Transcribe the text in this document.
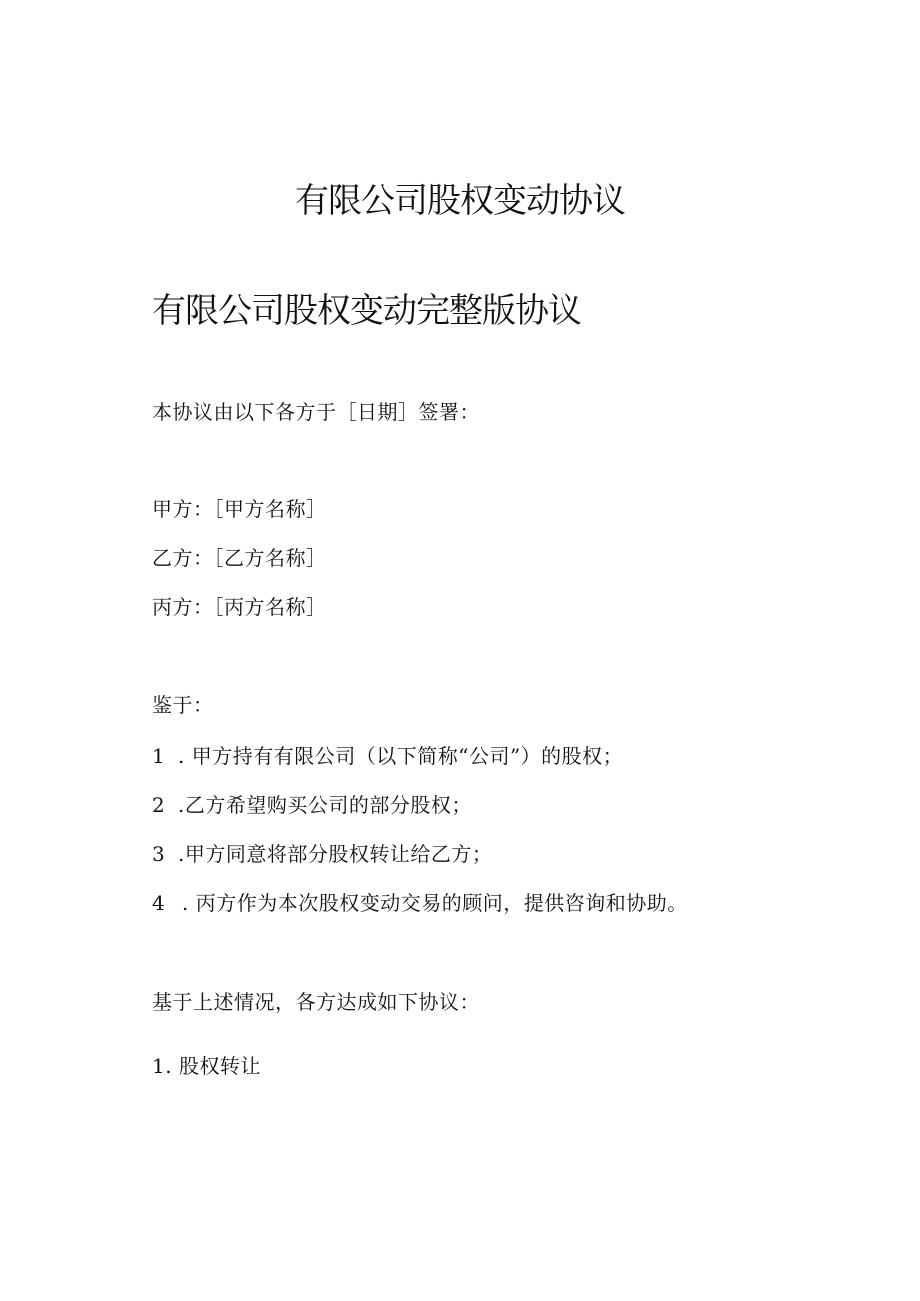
有限公司股权变动协议
有限公司股权变动完整版协议
本协议由以下各方于［日期］签署：
甲方：［甲方名称］
乙方：［乙方名称］
丙方：［丙方名称］
鉴于：
1 . 甲方持有有限公司（以下简称“公司”）的股权；
2 .乙方希望购买公司的部分股权；
3 .甲方同意将部分股权转让给乙方；
4 . 丙方作为本次股权变动交易的顾问，提供咨询和协助。
基于上述情况，各方达成如下协议：
1. 股权转让
